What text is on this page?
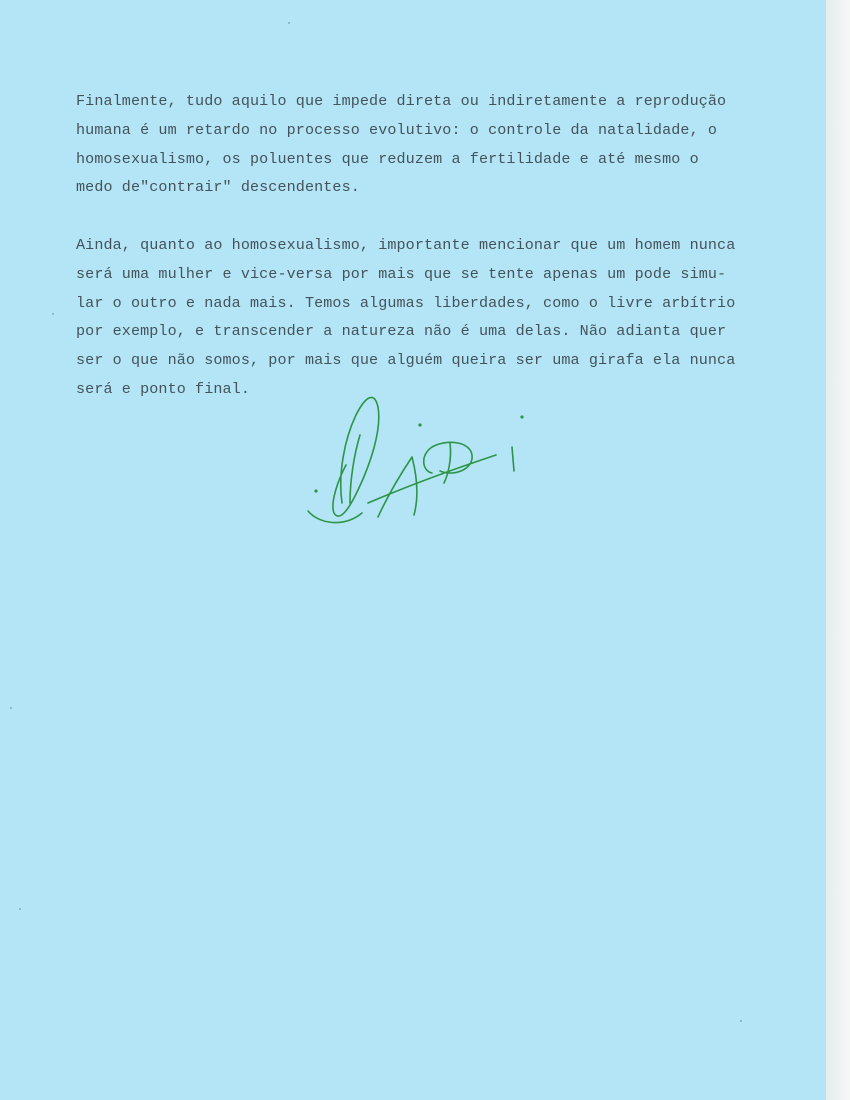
Finalmente, tudo aquilo que impede direta ou indiretamente a reprodução
humana é um retardo no processo evolutivo: o controle da natalidade, o
homosexualismo, os poluentes que reduzem a fertilidade e até mesmo o
medo de"contrair" descendentes.
Ainda, quanto ao homosexualismo, importante mencionar que um homem nunca
será uma mulher e vice-versa por mais que se tente apenas um pode simu-
lar o outro e nada mais. Temos algumas liberdades, como o livre arbítrio
por exemplo, e transcender a natureza não é uma delas. Não adianta quer
ser o que não somos, por mais que alguém queira ser uma girafa ela nunca
será e ponto final.
